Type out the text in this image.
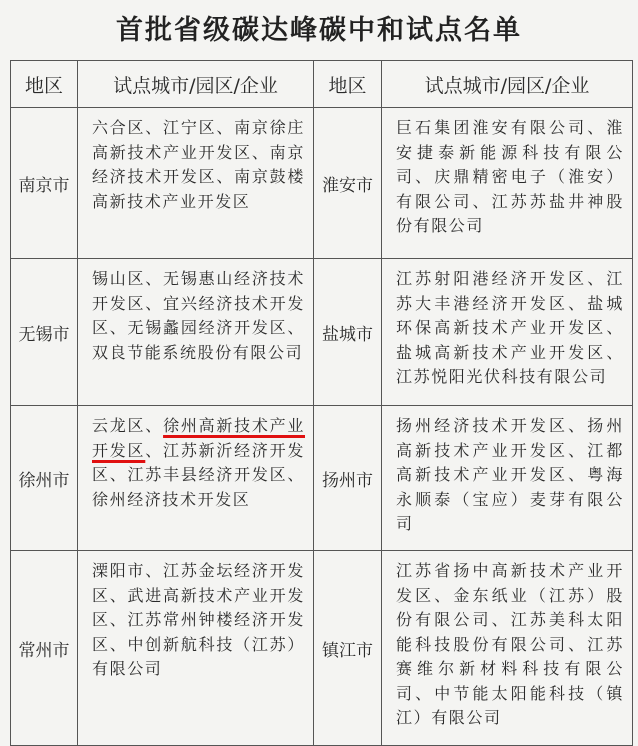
首批省级碳达峰碳中和试点名单
地区	试点城市/园区/企业	地区	试点城市/园区/企业
南京市	六合区、江宁区、南京徐庄高新技术产业开发区、南京经济技术开发区、南京鼓楼高新技术产业开发区	淮安市	巨石集团淮安有限公司、淮安捷泰新能源科技有限公司、庆鼎精密电子（淮安）有限公司、江苏苏盐井神股份有限公司
无锡市	锡山区、无锡惠山经济技术开发区、宜兴经济技术开发区、无锡蠡园经济开发区、双良节能系统股份有限公司	盐城市	江苏射阳港经济开发区、江苏大丰港经济开发区、盐城环保高新技术产业开发区、盐城高新技术产业开发区、江苏悦阳光伏科技有限公司
徐州市	云龙区、徐州高新技术产业开发区、江苏新沂经济开发区、江苏丰县经济开发区、徐州经济技术开发区	扬州市	扬州经济技术开发区、扬州高新技术产业开发区、江都高新技术产业开发区、粤海永顺泰（宝应）麦芽有限公司
常州市	溧阳市、江苏金坛经济开发区、武进高新技术产业开发区、江苏常州钟楼经济开发区、中创新航科技（江苏）有限公司	镇江市	江苏省扬中高新技术产业开发区、金东纸业（江苏）股份有限公司、江苏美科太阳能科技股份有限公司、江苏赛维尔新材料科技有限公司、中节能太阳能科技（镇江）有限公司
